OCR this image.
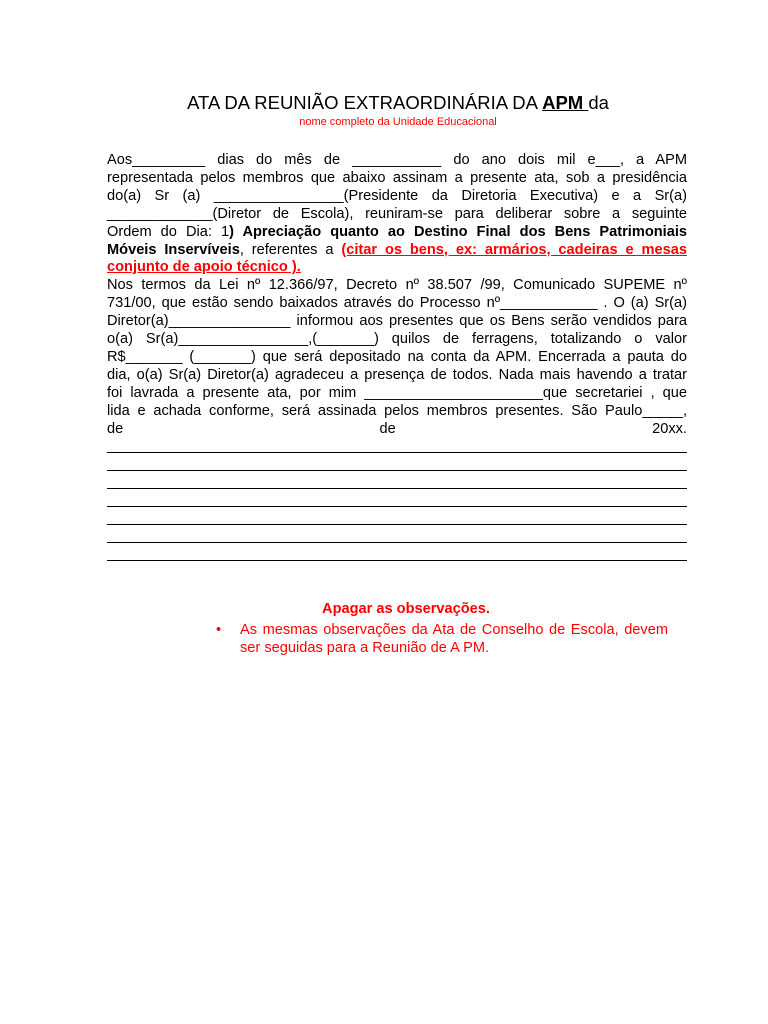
ATA DA REUNIÃO EXTRAORDINÁRIA DA APM da
nome completo da Unidade Educacional
Aos_________ dias do mês de ___________ do ano dois mil e___, a APM
representada pelos membros que abaixo assinam a presente ata, sob a presidência
do(a) Sr (a) ________________(Presidente da Diretoria Executiva) e a Sr(a)
_____________(Diretor de Escola), reuniram-se para deliberar sobre a seguinte
Ordem do Dia: 1) Apreciação quanto ao Destino Final dos Bens Patrimoniais
Móveis Inservíveis, referentes a (citar os bens, ex: armários, cadeiras e mesas
conjunto de apoio técnico ).
Nos termos da Lei nº 12.366/97, Decreto nº 38.507 /99, Comunicado SUPEME nº
731/00, que estão sendo baixados através do Processo nº____________ . O (a) Sr(a)
Diretor(a)_______________ informou aos presentes que os Bens serão vendidos para
o(a) Sr(a)________________,(_______) quilos de ferragens, totalizando o valor
R$_______ (_______) que será depositado na conta da APM. Encerrada a pauta do
dia, o(a) Sr(a) Diretor(a) agradeceu a presença de todos. Nada mais havendo a tratar
foi lavrada a presente ata, por mim ______________________que secretariei , que
lida e achada conforme, será assinada pelos membros presentes. São Paulo_____,
de	de	20xx.
Apagar as observações.
• As mesmas observações da Ata de Conselho de Escola, devem ser seguidas para a Reunião de A PM.
